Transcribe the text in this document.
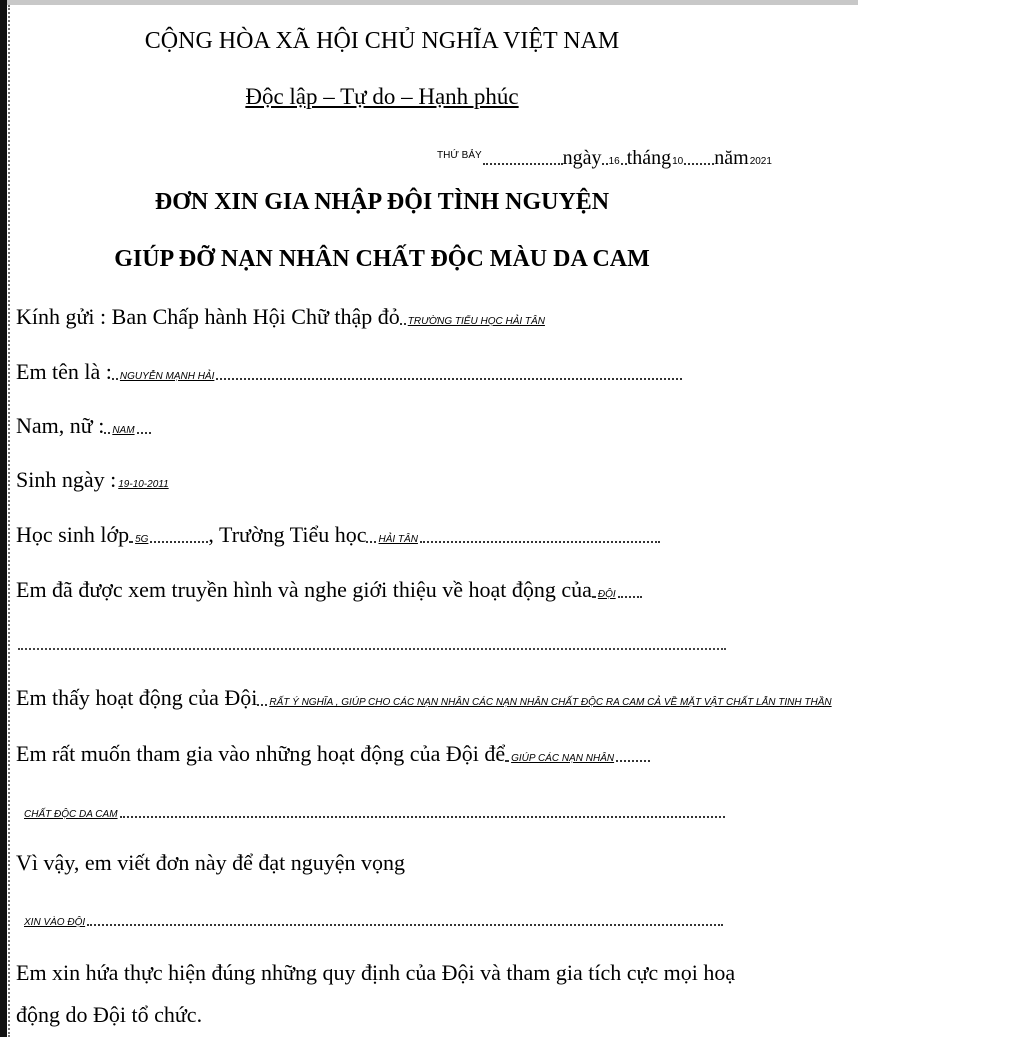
CỘNG HÒA XÃ HỘI CHỦ NGHĨA VIỆT NAM
Độc lập – Tự do – Hạnh phúc
$^{THỨ BẢY}$	ngày 16 tháng10 năm2021
ĐƠN XIN GIA NHẬP ĐỘI TÌNH NGUYỆN
GIÚP ĐỠ NẠN NHÂN CHẤT ĐỘC MÀU DA CAM
Kính gửi : Ban Chấp hành Hội Chữ thập đỏ TRƯỜNG TIỂU HỌC HẢI TÂN
Em tên là : NGUYỄN MẠNH HẢI
Nam, nữ : NAM
Sinh ngày : 19-10-2011
Học sinh lớp 5G	, Trường Tiểu học HẢI TÂN
Em đã được xem truyền hình và nghe giới thiệu về hoạt động của ĐỘI
Em thấy hoạt động của Đội RẤT Ý NGHĨA , GIÚP CHO CÁC NẠN NHÂN CÁC NẠN NHÂN CHẤT ĐỘC RA CAM CẢ VỀ MẶT VẬT CHẤT LẪN TINH THẦN
Em rất muốn tham gia vào những hoạt động của Đội để GIÚP CÁC NẠN NHÂN
CHẤT ĐỘC DA CAM
Vì vậy, em viết đơn này để đạt nguyện vọng
XIN VÀO ĐỘI
Em xin hứa thực hiện đúng những quy định của Đội và tham gia tích cực mọi hoạ
động do Đội tổ chức.
